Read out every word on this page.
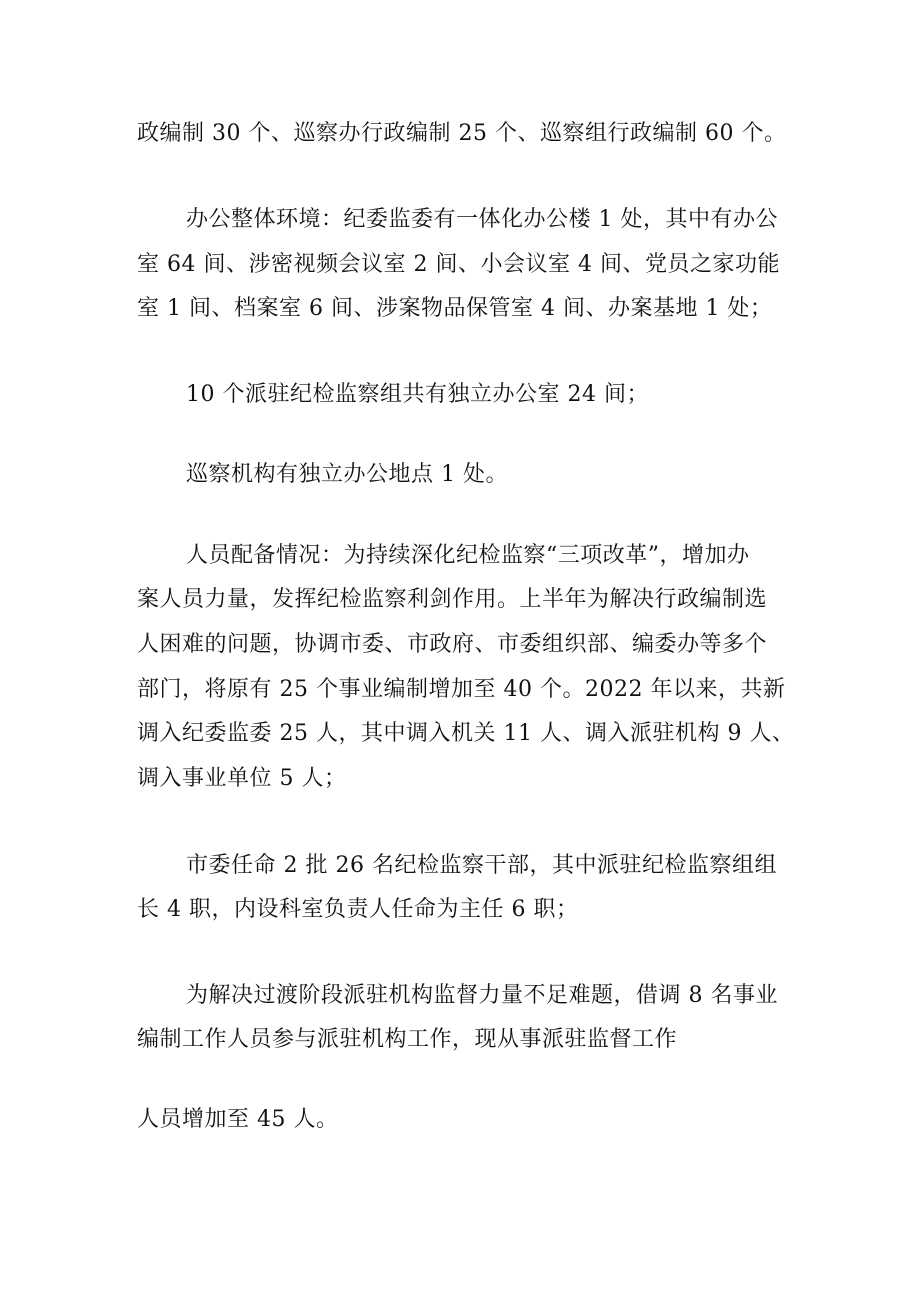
政编制 30 个、巡察办行政编制 25 个、巡察组行政编制 60 个。
办公整体环境：纪委监委有一体化办公楼 1 处，其中有办公
室 64 间、涉密视频会议室 2 间、小会议室 4 间、党员之家功能
室 1 间、档案室 6 间、涉案物品保管室 4 间、办案基地 1 处；
10 个派驻纪检监察组共有独立办公室 24 间；
巡察机构有独立办公地点 1 处。
人员配备情况：为持续深化纪检监察“三项改革”，增加办
案人员力量，发挥纪检监察利剑作用。上半年为解决行政编制选
人困难的问题，协调市委、市政府、市委组织部、编委办等多个
部门，将原有 25 个事业编制增加至 40 个。2022 年以来，共新
调入纪委监委 25 人，其中调入机关 11 人、调入派驻机构 9 人、
调入事业单位 5 人；
市委任命 2 批 26 名纪检监察干部，其中派驻纪检监察组组
长 4 职，内设科室负责人任命为主任 6 职；
为解决过渡阶段派驻机构监督力量不足难题，借调 8 名事业
编制工作人员参与派驻机构工作，现从事派驻监督工作
人员增加至 45 人。
